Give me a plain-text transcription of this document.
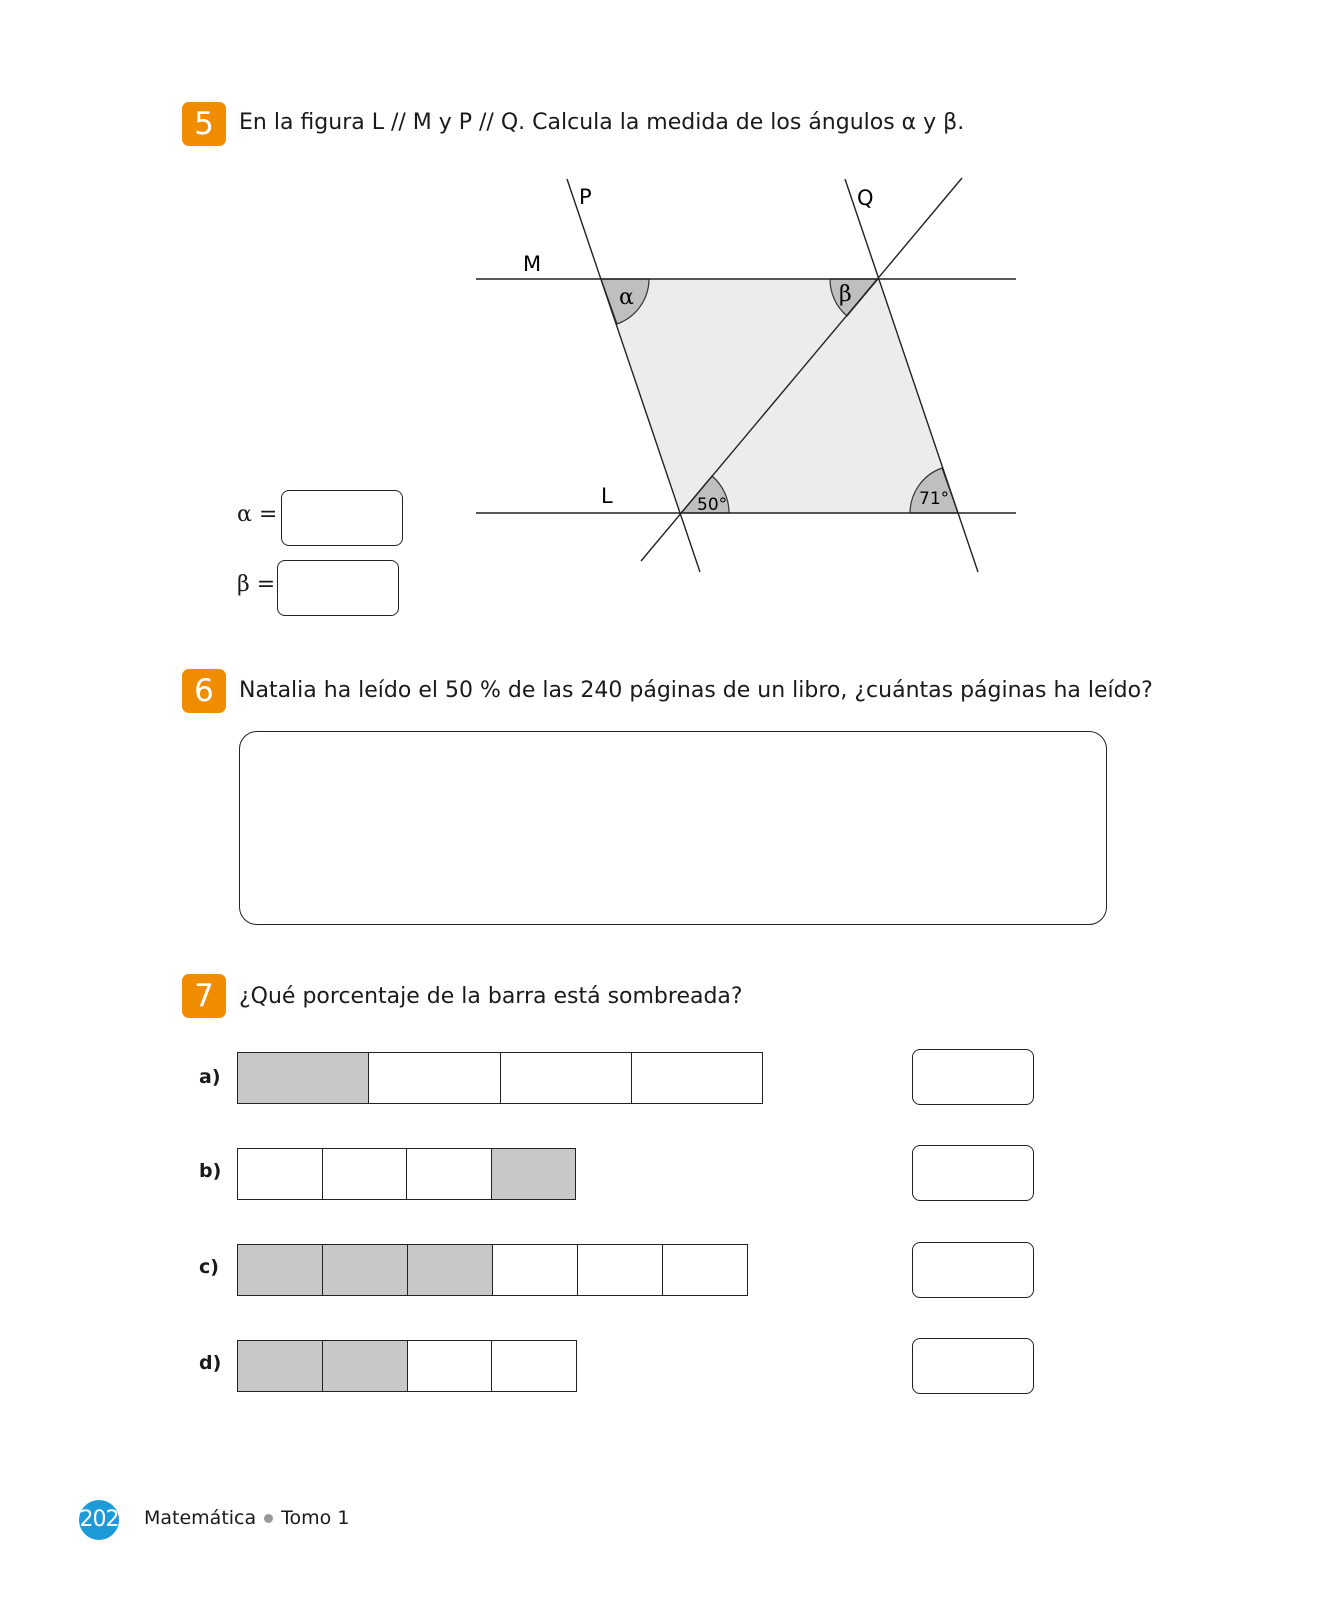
5	En la figura L // M y P // Q. Calcula la medida de los ángulos α y β.
P	Q
M
L
α	β
50°	71°
α =
β =
6	Natalia ha leído el 50 % de las 240 páginas de un libro, ¿cuántas páginas ha leído?
7	¿Qué porcentaje de la barra está sombreada?
a)
b)
c)
d)
202 Matemática Tomo 1
